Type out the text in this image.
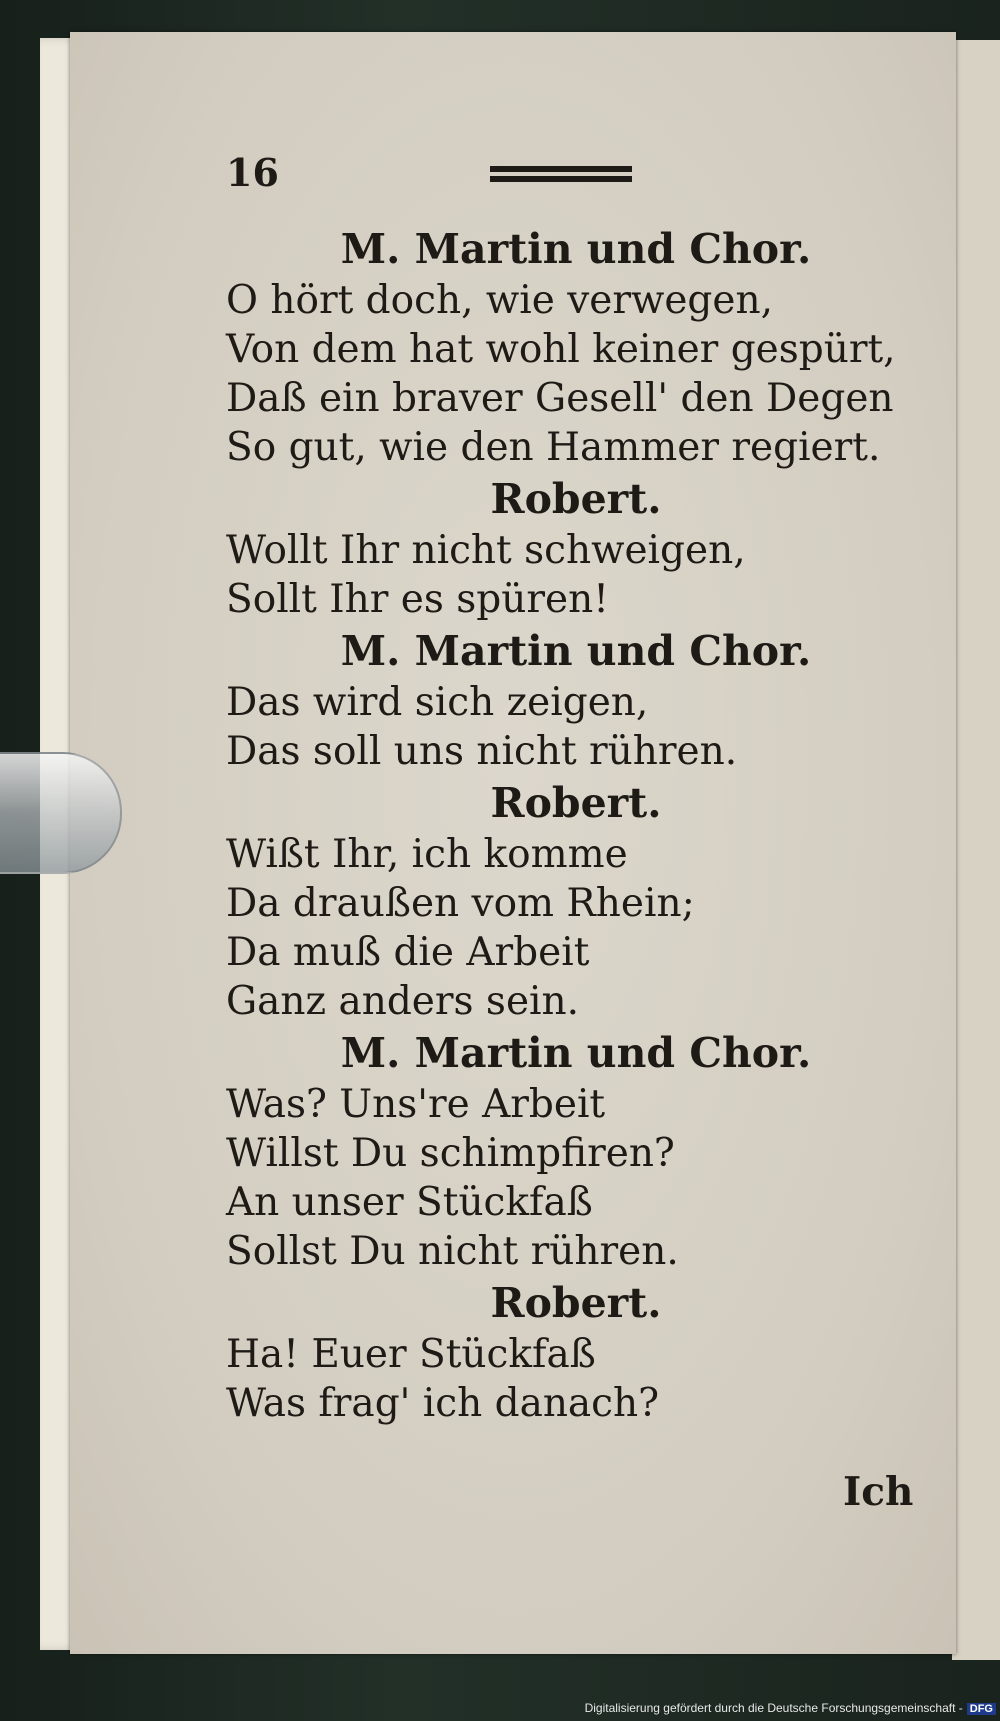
16

M. Martin und Chor.

O hört doch, wie verwegen,

Von dem hat wohl keiner gespürt,

Daß ein braver Gesell' den Degen

So gut, wie den Hammer regiert.

Robert.

Wollt Ihr nicht schweigen,

Sollt Ihr es spüren!

M. Martin und Chor.

Das wird sich zeigen,

Das soll uns nicht rühren.

Robert.

Wißt Ihr, ich komme

Da draußen vom Rhein;

Da muß die Arbeit

Ganz anders sein.

M. Martin und Chor.

Was? Uns're Arbeit

Willst Du schimpfiren?

An unser Stückfaß

Sollst Du nicht rühren.

Robert.

Ha! Euer Stückfaß

Was frag' ich danach?

Ich
Digitalisierung gefördert durch die Deutsche Forschungsgemeinschaft - DFG
